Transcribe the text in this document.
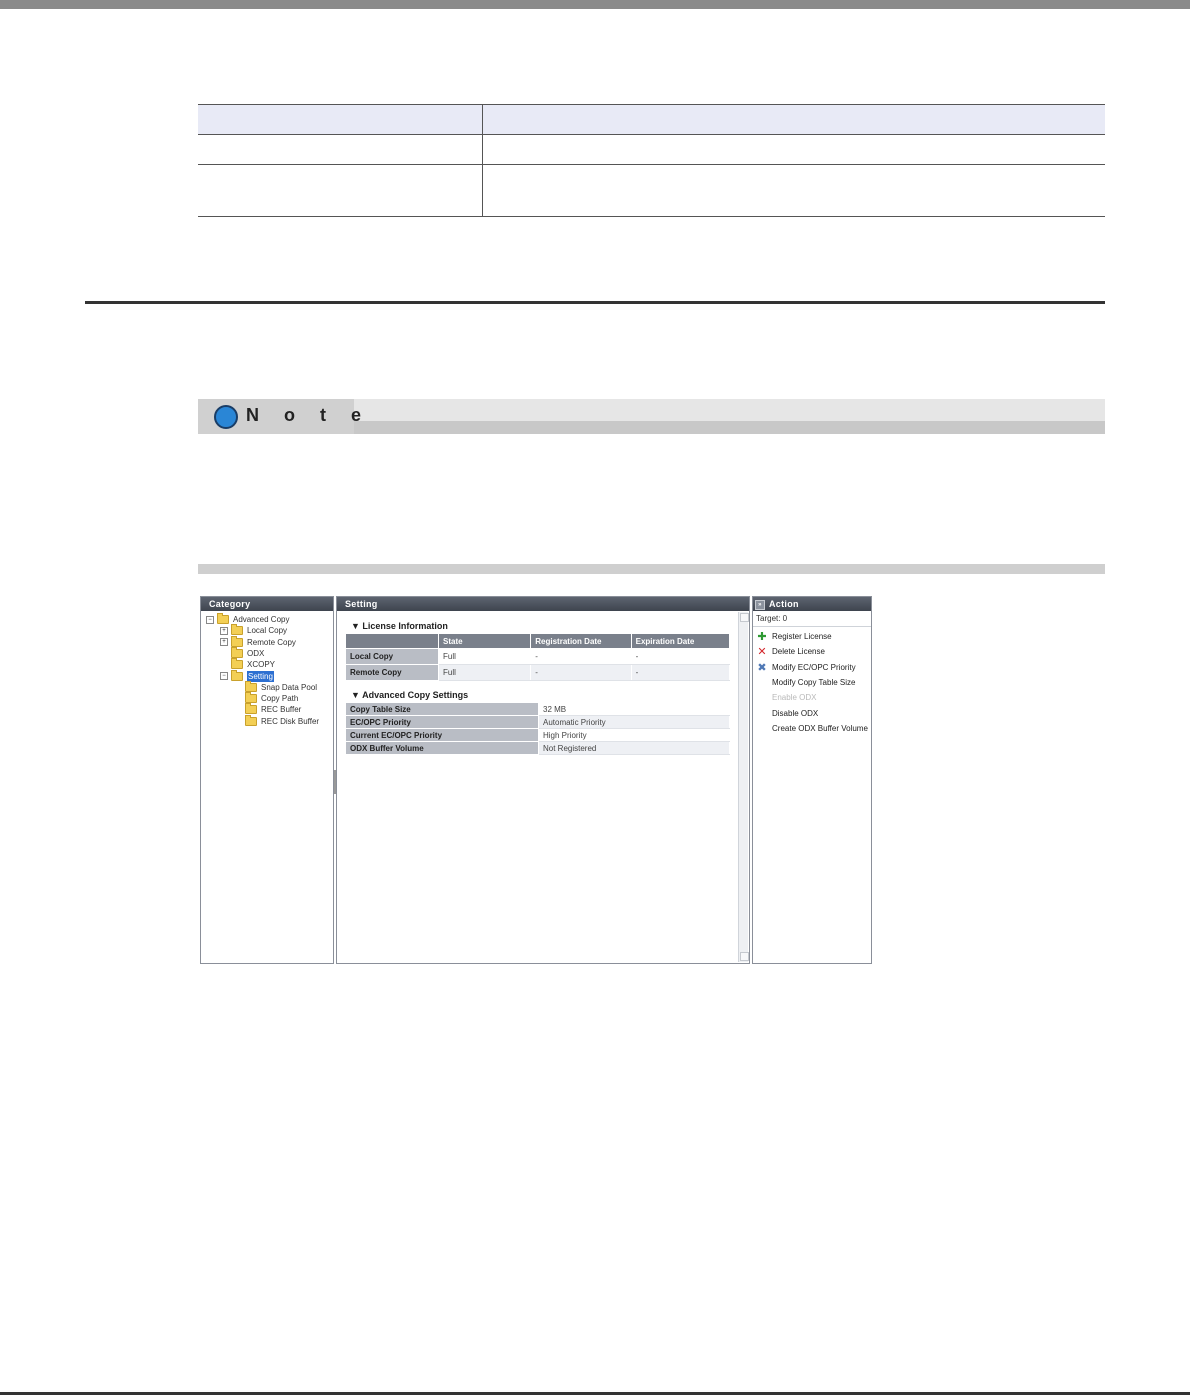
N o t e
Category
−	Advanced Copy
+	Local Copy
+	Remote Copy
ODX
XCOPY
−	Setting
Snap Data Pool
Copy Path
REC Buffer
REC Disk Buffer
Setting
▼ License Information
	State	Registration Date	Expiration Date
Local Copy	Full	-	-
Remote Copy	Full	-	-
▼ Advanced Copy Settings
Copy Table Size	32 MB
EC/OPC Priority	Automatic Priority
Current EC/OPC Priority	High Priority
ODX Buffer Volume	Not Registered
» Action
Target: 0
✚ Register License
✕ Delete License
✖ Modify EC/OPC Priority
Modify Copy Table Size
Enable ODX
Disable ODX
Create ODX Buffer Volume
